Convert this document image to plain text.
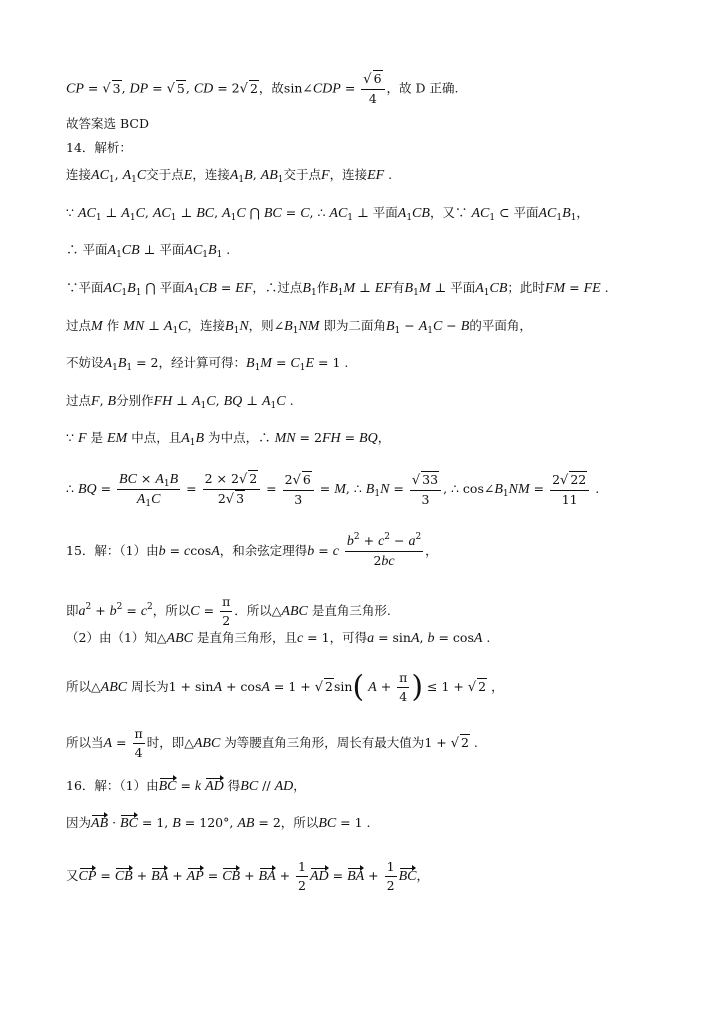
CP = √ 3, DP = √ 5, CD = 2√ 2，故sin∠CDP = $\frac{√ 6}{4}$ ，故 D 正确.
故答案选 BCD
14．解析：
连接$AC_1$, $A_1C$交于点E，连接$A_1B$, $AB_1$交于点F，连接EF .
∵ $AC_1$ ⊥ $A_1C$, $AC_1$ ⊥ BC, $A_1C$ ⋂ BC = C, ∴ $AC_1$ ⊥ 平面$A_1CB$，又∵ $AC_1$ ⊂ 平面$AC_1B_1$，
∴ 平面$A_1CB$ ⊥ 平面$AC_1B_1$ .
∵平面$AC_1B_1$ ⋂ 平面$A_1CB$ = EF，∴过点$B_1$作$B_1M$ ⊥ EF有$B_1M$ ⊥ 平面$A_1CB$；此时FM = FE .
过点M 作 MN ⊥ $A_1C$，连接$B_1N$，则$\angle B_1NM$ 即为二面角$B_1 - A_1C - B$的平面角，
不妨设$A_1B_1 = 2$，经计算可得：$B_1M = C_1E = 1$ .
过点F, B分别作FH ⊥ $A_1C$, BQ ⊥ $A_1C$ .
∵ F 是 EM 中点，且$A_1B$ 为中点，∴ MN = 2FH = BQ，
∴ BQ = $\frac{BC \times A_1B}{A_1C} = \frac{2 \times 2√ 2}{2√ 3} = \frac{2√ 6}{3} = M$, ∴ $B_1N = \frac{√ 33}{3}$ , ∴ $\cos\angle B_1NM = \frac{2√ 22}{11}$ .
15．解：（1）由b = ccosA，和余弦定理得b = c $\frac{b^2 + c^2 - a^2}{2bc}$ ，
即$a^2 + b^2 = c^2$，所以$C = \frac{\pi}{2}$ ．所以△ABC 是直角三角形.
（2）由（1）知△ABC 是直角三角形，且c = 1，可得a = sinA, b = cosA .
所以△ABC 周长为1 + sinA + cosA = 1 + √ 2sin( $A + \frac{\pi}{4}$ ) ≤ 1 + √ 2 ，
所以当$A = \frac{\pi}{4}$ 时，即△ABC 为等腰直角三角形，周长有最大值为1 + √ 2 .
16．解：（1）由BC = k AD 得BC // AD，
因为AB · BC = 1, B = 120°, AB = 2，所以BC = 1 .
又CP = CB + BA + AP = CB + BA + $\frac{1}{2}$ AD = BA + $\frac{1}{2}$ BC，
